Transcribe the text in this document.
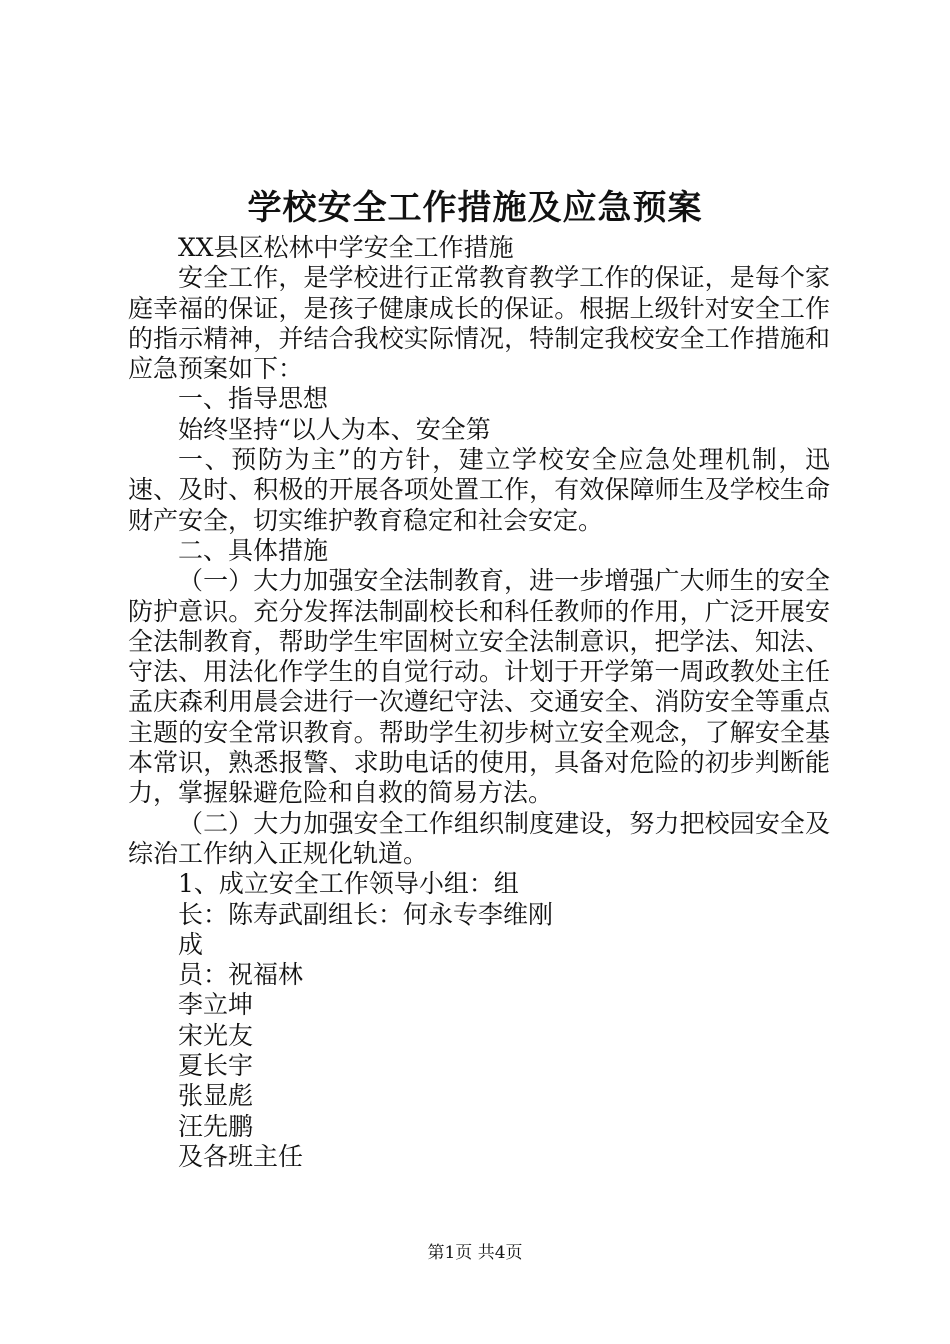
学校安全工作措施及应急预案

XX县区松林中学安全工作措施

安全工作，是学校进行正常教育教学工作的保证，是每个家庭幸福的保证，是孩子健康成长的保证。根据上级针对安全工作的指示精神，并结合我校实际情况，特制定我校安全工作措施和应急预案如下：

一、指导思想

始终坚持“以人为本、安全第

一、预防为主”的方针，建立学校安全应急处理机制，迅速、及时、积极的开展各项处置工作，有效保障师生及学校生命财产安全，切实维护教育稳定和社会安定。

二、具体措施

（一）大力加强安全法制教育，进一步增强广大师生的安全防护意识。充分发挥法制副校长和科任教师的作用，广泛开展安全法制教育，帮助学生牢固树立安全法制意识，把学法、知法、守法、用法化作学生的自觉行动。计划于开学第一周政教处主任孟庆森利用晨会进行一次遵纪守法、交通安全、消防安全等重点主题的安全常识教育。帮助学生初步树立安全观念，了解安全基本常识，熟悉报警、求助电话的使用，具备对危险的初步判断能力，掌握躲避危险和自救的简易方法。

（二）大力加强安全工作组织制度建设，努力把校园安全及综治工作纳入正规化轨道。

1、成立安全工作领导小组：组
长：陈寿武副组长：何永专李维刚
成
员：祝福林
李立坤
宋光友
夏长宇
张显彪
汪先鹏
及各班主任
第1页 共4页
